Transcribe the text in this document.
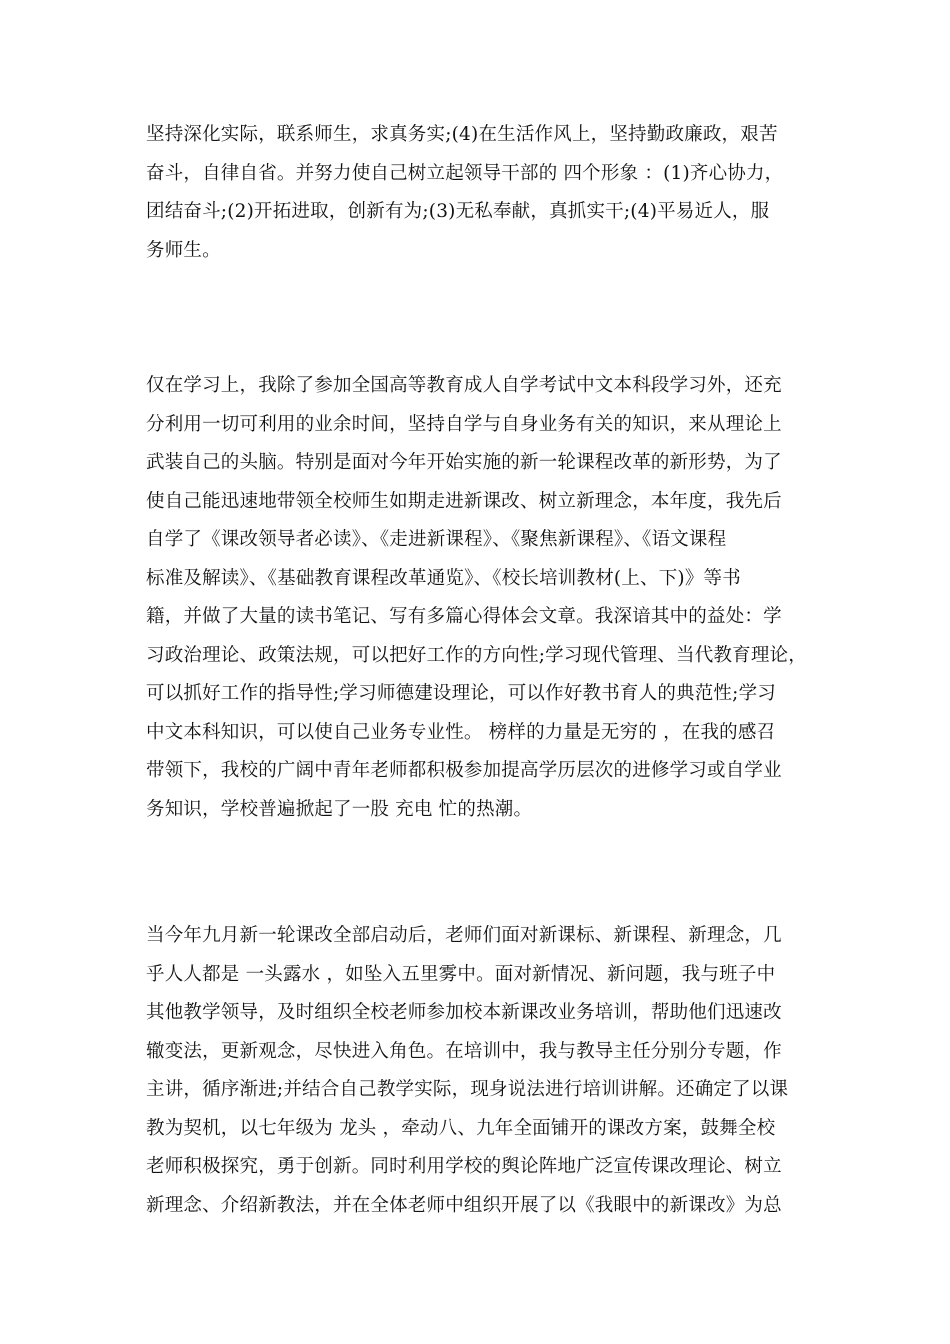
坚持深化实际，联系师生，求真务实;(4)在生活作风上，坚持勤政廉政，艰苦
奋斗，自律自省。并努力使自己树立起领导干部的 四个形象 ：(1)齐心协力，
团结奋斗;(2)开拓进取，创新有为;(3)无私奉献，真抓实干;(4)平易近人，服
务师生。
仅在学习上，我除了参加全国高等教育成人自学考试中文本科段学习外，还充
分利用一切可利用的业余时间，坚持自学与自身业务有关的知识，来从理论上
武装自己的头脑。特别是面对今年开始实施的新一轮课程改革的新形势，为了
使自己能迅速地带领全校师生如期走进新课改、树立新理念，本年度，我先后
自学了《课改领导者必读》、《走进新课程》、《聚焦新课程》、《语文课程
标准及解读》、《基础教育课程改革通览》、《校长培训教材(上、下)》等书
籍，并做了大量的读书笔记、写有多篇心得体会文章。我深谙其中的益处：学
习政治理论、政策法规，可以把好工作的方向性;学习现代管理、当代教育理论，
可以抓好工作的指导性;学习师德建设理论，可以作好教书育人的典范性;学习
中文本科知识，可以使自己业务专业性。 榜样的力量是无穷的 ，在我的感召
带领下，我校的广阔中青年老师都积极参加提高学历层次的进修学习或自学业
务知识，学校普遍掀起了一股 充电 忙的热潮。
当今年九月新一轮课改全部启动后，老师们面对新课标、新课程、新理念，几
乎人人都是 一头露水 ，如坠入五里雾中。面对新情况、新问题，我与班子中
其他教学领导，及时组织全校老师参加校本新课改业务培训，帮助他们迅速改
辙变法，更新观念，尽快进入角色。在培训中，我与教导主任分别分专题，作
主讲，循序渐进;并结合自己教学实际，现身说法进行培训讲解。还确定了以课
教为契机，以七年级为 龙头 ，牵动八、九年全面铺开的课改方案，鼓舞全校
老师积极探究，勇于创新。同时利用学校的舆论阵地广泛宣传课改理论、树立
新理念、介绍新教法，并在全体老师中组织开展了以《我眼中的新课改》为总
